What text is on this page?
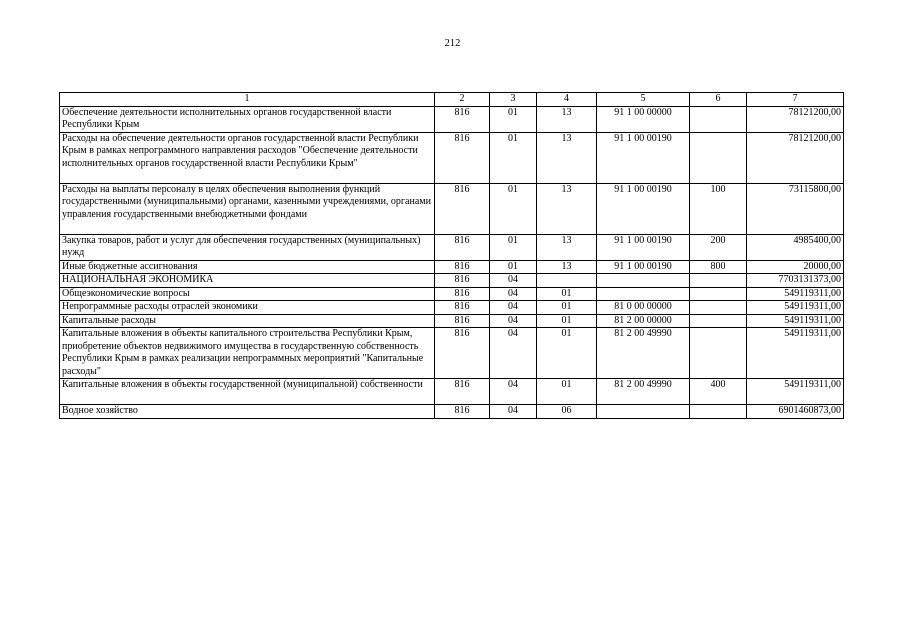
212
1	2	3	4	5	6	7
Обеспечение деятельности исполнительных органов государственной власти Республики Крым	816	01	13	91 1 00 00000		78121200,00
Расходы на обеспечение деятельности органов государственной власти Республики Крым в рамках непрограммного направления расходов "Обеспечение деятельности исполнительных органов государственной власти Республики Крым"	816	01	13	91 1 00 00190		78121200,00
Расходы на выплаты персоналу в целях обеспечения выполнения функций государственными (муниципальными) органами, казенными учреждениями, органами управления государственными внебюджетными фондами	816	01	13	91 1 00 00190	100	73115800,00
Закупка товаров, работ и услуг для обеспечения государственных (муниципальных) нужд	816	01	13	91 1 00 00190	200	4985400,00
Иные бюджетные ассигнования	816	01	13	91 1 00 00190	800	20000,00
НАЦИОНАЛЬНАЯ ЭКОНОМИКА	816	04				7703131373,00
Общеэкономические вопросы	816	04	01			549119311,00
Непрограммные расходы отраслей экономики	816	04	01	81 0 00 00000		549119311,00
Капитальные расходы	816	04	01	81 2 00 00000		549119311,00
Капитальные вложения в объекты капитального строительства Республики Крым, приобретение объектов недвижимого имущества в государственную собственность Республики Крым в рамках реализации непрограммных мероприятий "Капитальные расходы"	816	04	01	81 2 00 49990		549119311,00
Капитальные вложения в объекты государственной (муниципальной) собственности	816	04	01	81 2 00 49990	400	549119311,00
Водное хозяйство	816	04	06			6901460873,00
